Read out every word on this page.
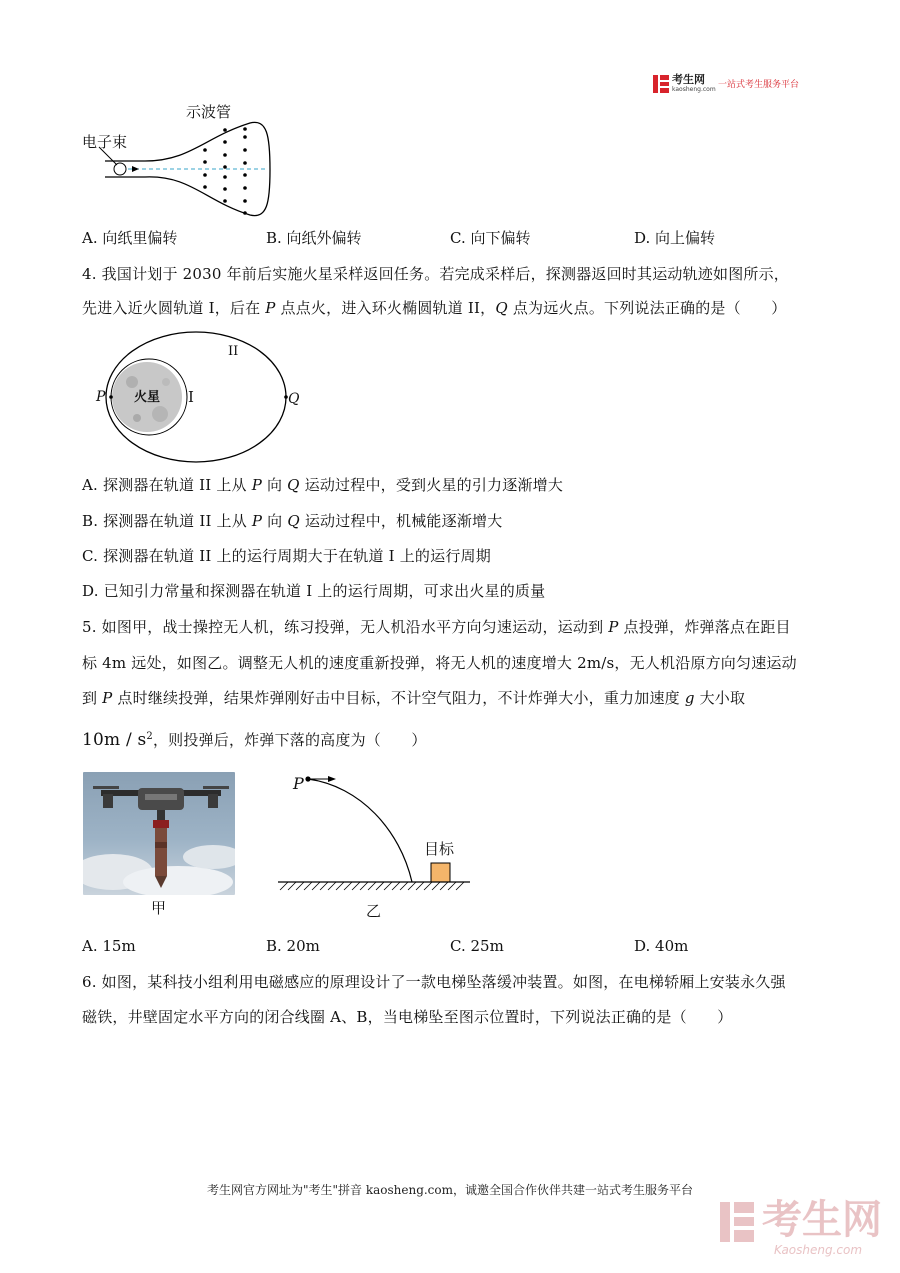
考生网
kaosheng.com 一站式考生服务平台
示波管
电子束
A. 向纸里偏转	B. 向纸外偏转	C. 向下偏转	D. 向上偏转
4. 我国计划于 2030 年前后实施火星采样返回任务。若完成采样后，探测器返回时其运动轨迹如图所示，
先进入近火圆轨道 I，后在 P 点点火，进入环火椭圆轨道 II，Q 点为远火点。下列说法正确的是（　　）
II
I
火星
P	Q
A. 探测器在轨道 II 上从 P 向 Q 运动过程中，受到火星的引力逐渐增大
B. 探测器在轨道 II 上从 P 向 Q 运动过程中，机械能逐渐增大
C. 探测器在轨道 II 上的运行周期大于在轨道 I 上的运行周期
D. 已知引力常量和探测器在轨道 I 上的运行周期，可求出火星的质量
5. 如图甲，战士操控无人机，练习投弹，无人机沿水平方向匀速运动，运动到 P 点投弹，炸弹落点在距目
标 4m 远处，如图乙。调整无人机的速度重新投弹，将无人机的速度增大 2m/s，无人机沿原方向匀速运动
到 P 点时继续投弹，结果炸弹刚好击中目标，不计空气阻力，不计炸弹大小，重力加速度 g 大小取
$10m / s^2$，则投弹后，炸弹下落的高度为（　　）
甲
P
目标
乙
A. 15m	B. 20m	C. 25m	D. 40m
6. 如图，某科技小组利用电磁感应的原理设计了一款电梯坠落缓冲装置。如图，在电梯轿厢上安装永久强
磁铁，井壁固定水平方向的闭合线圈 A、B，当电梯坠至图示位置时，下列说法正确的是（　　）
考生网官方网址为"考生"拼音 kaosheng.com，诚邀全国合作伙伴共建一站式考生服务平台
考生网
Kaosheng.com
